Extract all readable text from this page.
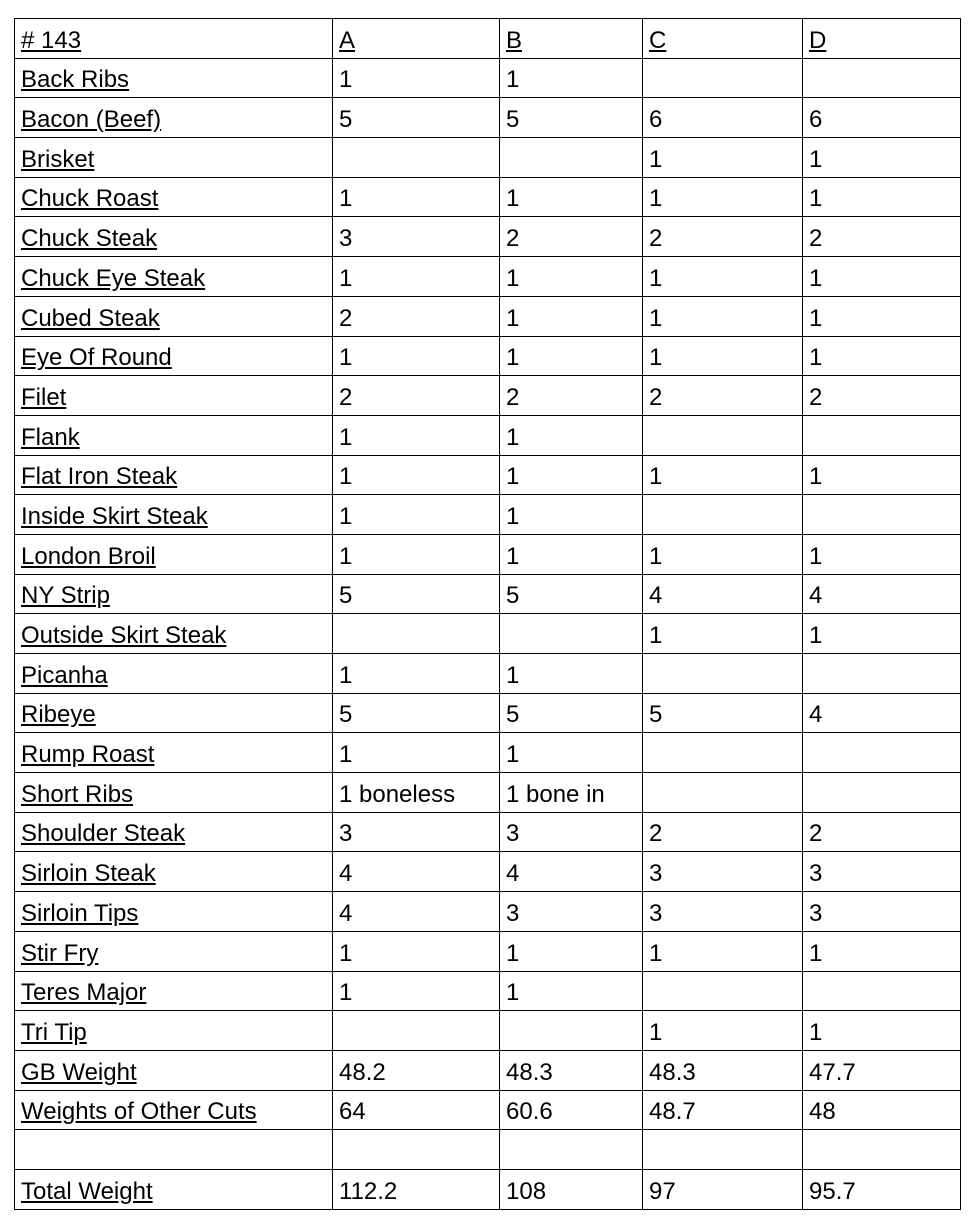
# 143	A	B	C	D
Back Ribs	1	1		
Bacon (Beef)	5	5	6	6
Brisket			1	1
Chuck Roast	1	1	1	1
Chuck Steak	3	2	2	2
Chuck Eye Steak	1	1	1	1
Cubed Steak	2	1	1	1
Eye Of Round	1	1	1	1
Filet	2	2	2	2
Flank	1	1		
Flat Iron Steak	1	1	1	1
Inside Skirt Steak	1	1		
London Broil	1	1	1	1
NY Strip	5	5	4	4
Outside Skirt Steak			1	1
Picanha	1	1		
Ribeye	5	5	5	4
Rump Roast	1	1		
Short Ribs	1 boneless	1 bone in		
Shoulder Steak	3	3	2	2
Sirloin Steak	4	4	3	3
Sirloin Tips	4	3	3	3
Stir Fry	1	1	1	1
Teres Major	1	1		
Tri Tip			1	1
GB Weight	48.2	48.3	48.3	47.7
Weights of Other Cuts	64	60.6	48.7	48

Total Weight	112.2	108	97	95.7
